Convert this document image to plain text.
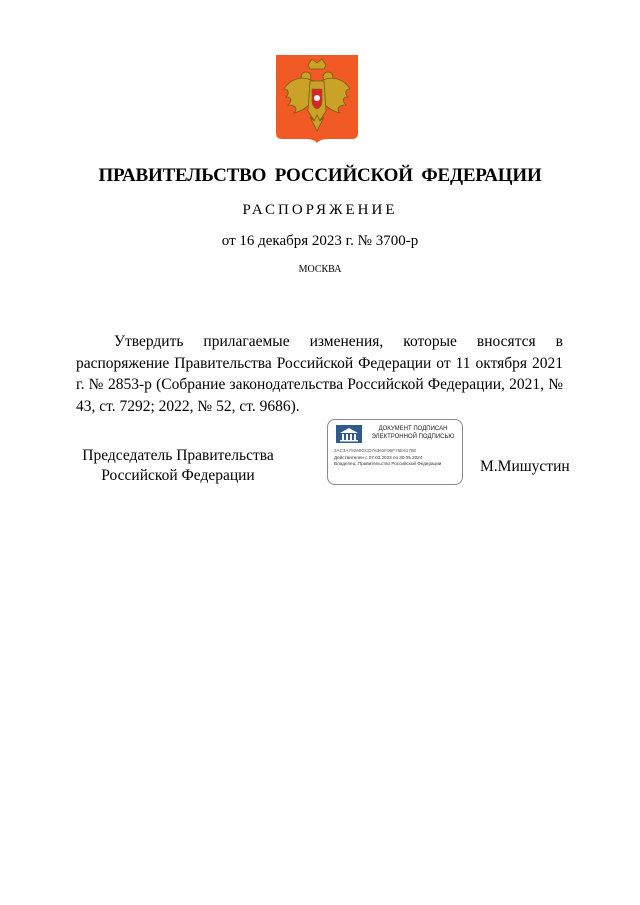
ПРАВИТЕЛЬСТВО РОССИЙСКОЙ ФЕДЕРАЦИИ
РАСПОРЯЖЕНИЕ
от 16 декабря 2023 г. № 3700-р
МОСКВА
Утвердить прилагаемые изменения, которые вносятся в распоряжение Правительства Российской Федерации от 11 октября 2021 г. № 2853-р (Собрание законодательства Российской Федерации, 2021, № 43, ст. 7292; 2022, № 52, ст. 9686).
Председатель Правительства
Российской Федерации
ДОКУМЕНТ ПОДПИСАН
ЭЛЕКТРОННОЙ ПОДПИСЬЮ
2AC3A79260GCD76361F06F76E6178E
Действителен с 07.03.2023 по 30.05.2024
Владелец: Правительство Российской Федерации М.Мишустин
